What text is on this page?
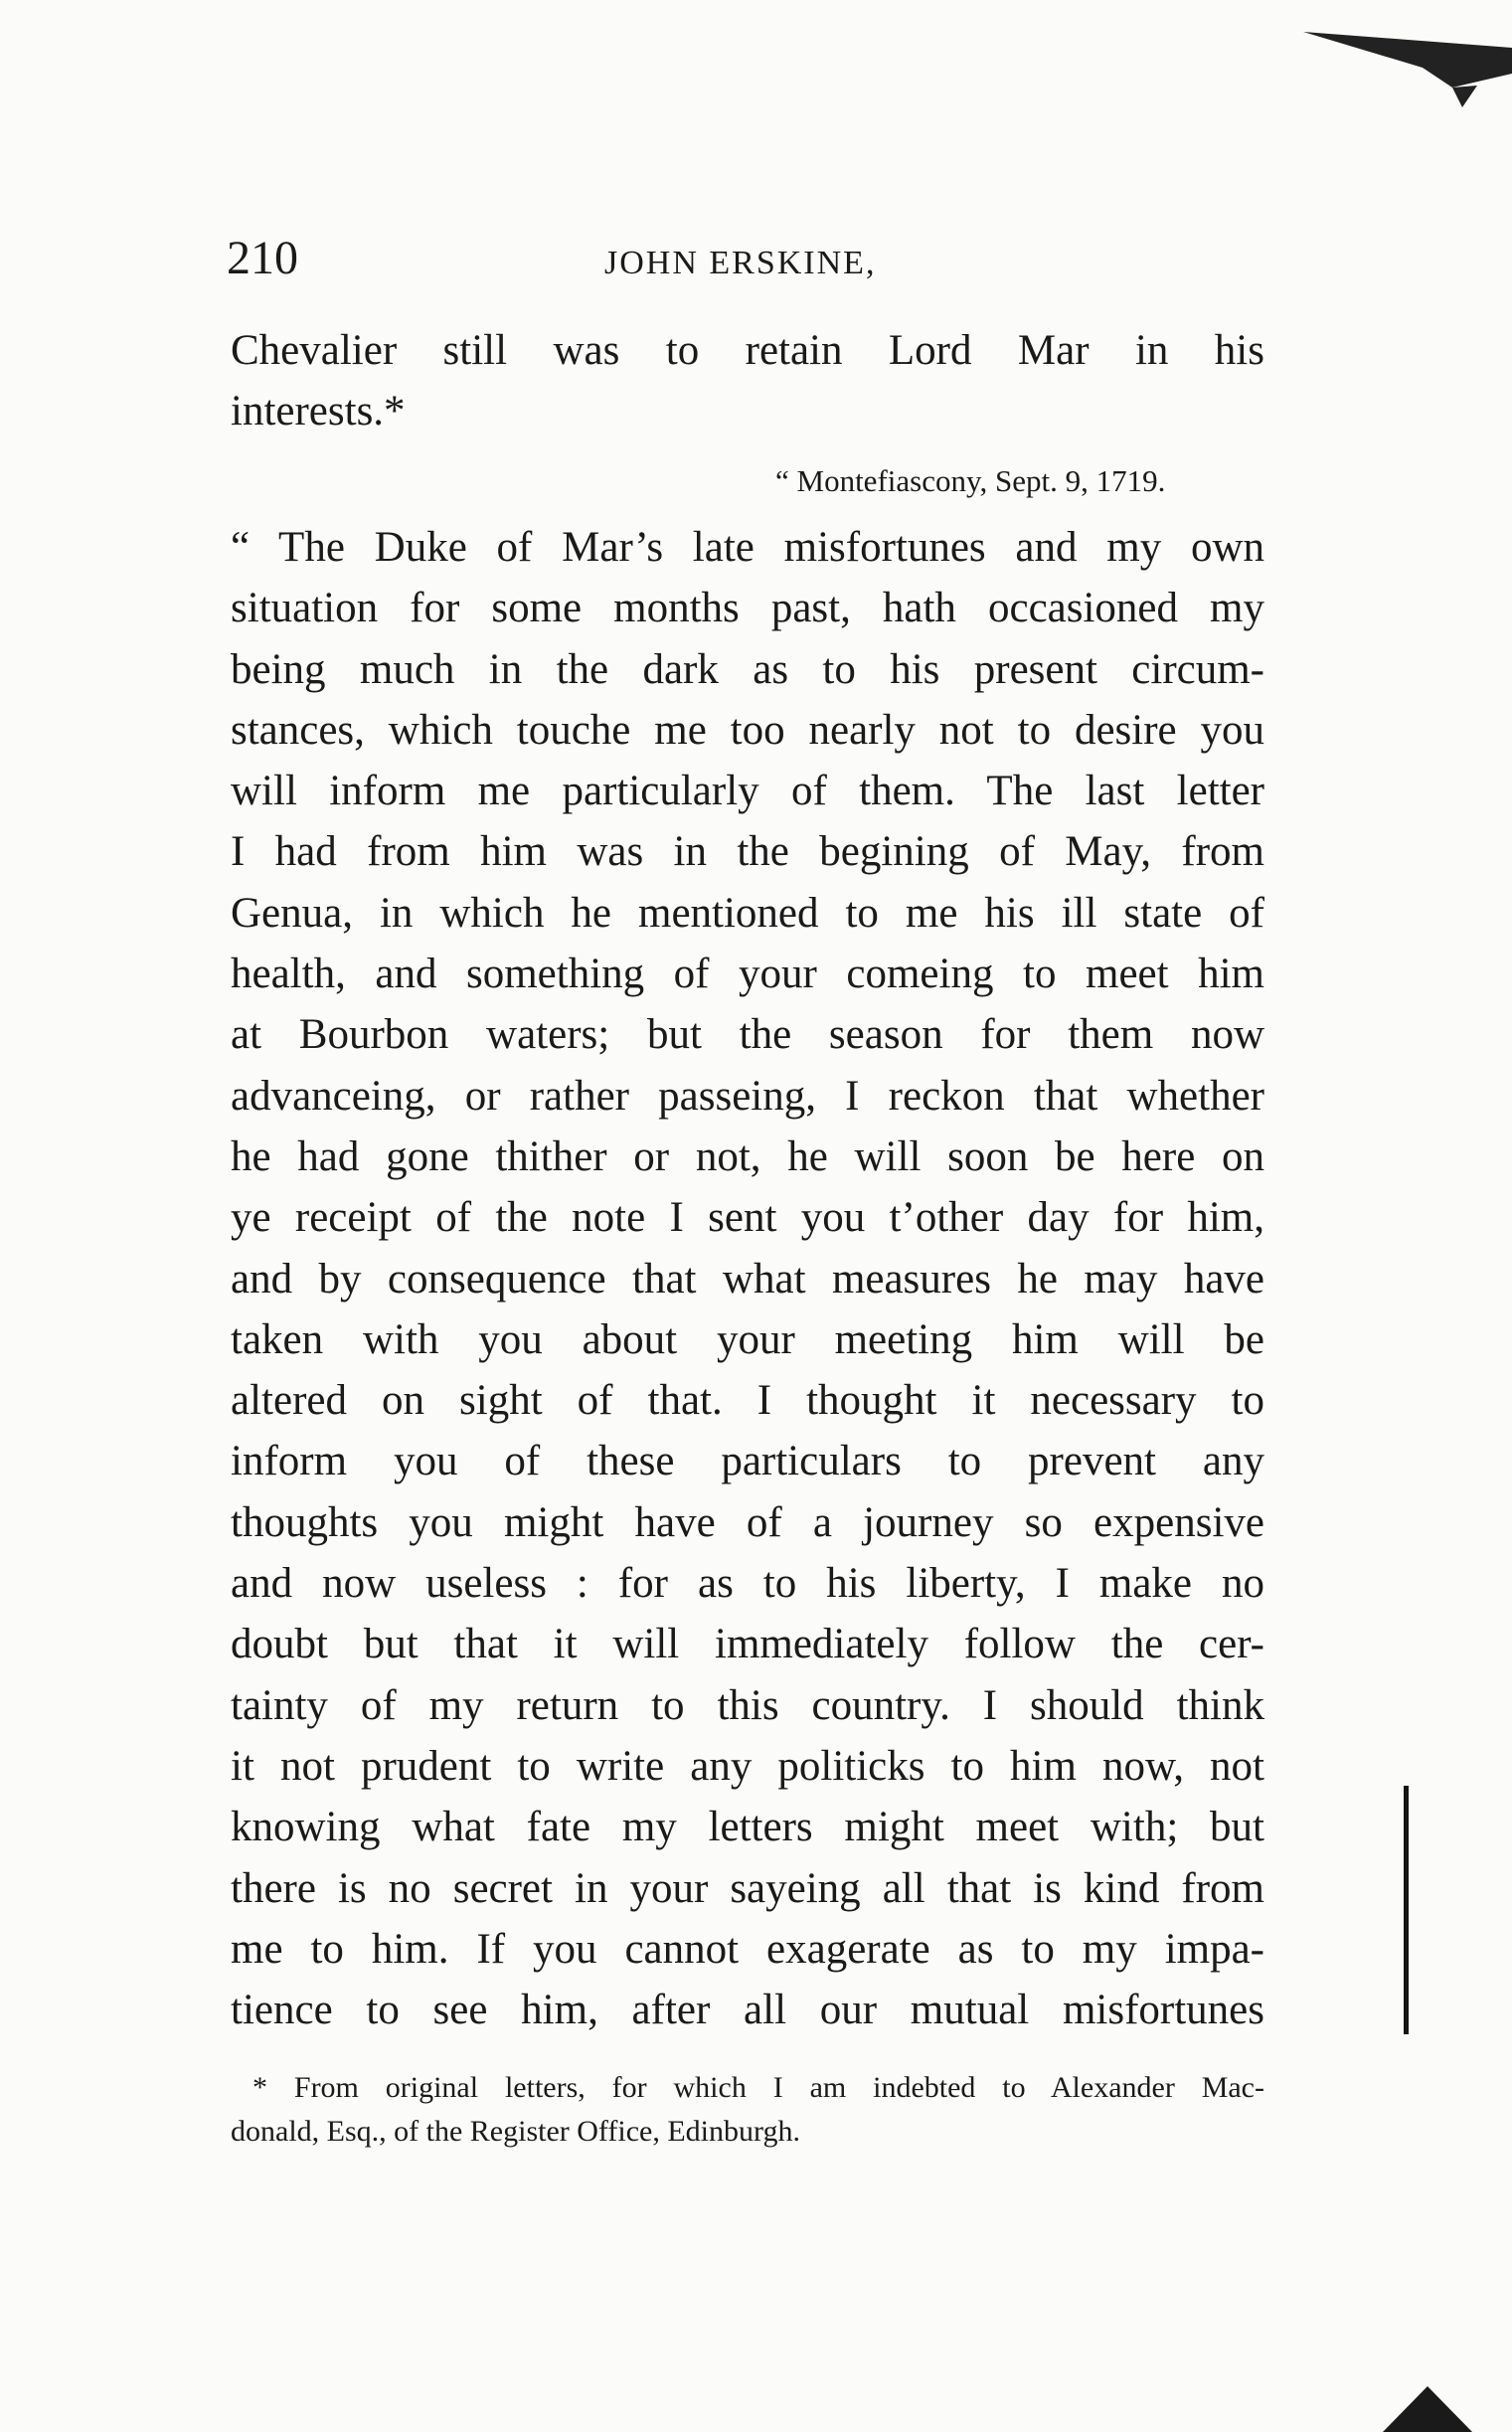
210	JOHN ERSKINE,
Chevalier still was to retain Lord Mar in his
interests.*
“ Montefiascony, Sept. 9, 1719.
“ The Duke of Mar’s late misfortunes and my own
situation for some months past, hath occasioned my
being much in the dark as to his present circum-
stances, which touche me too nearly not to desire you
will inform me particularly of them. The last letter
I had from him was in the begining of May, from
Genua, in which he mentioned to me his ill state of
health, and something of your comeing to meet him
at Bourbon waters; but the season for them now
advanceing, or rather passeing, I reckon that whether
he had gone thither or not, he will soon be here on
ye receipt of the note I sent you t’other day for him,
and by consequence that what measures he may have
taken with you about your meeting him will be
altered on sight of that. I thought it necessary to
inform you of these particulars to prevent any
thoughts you might have of a journey so expensive
and now useless : for as to his liberty, I make no
doubt but that it will immediately follow the cer-
tainty of my return to this country. I should think
it not prudent to write any politicks to him now, not
knowing what fate my letters might meet with; but
there is no secret in your sayeing all that is kind from
me to him. If you cannot exagerate as to my impa-
tience to see him, after all our mutual misfortunes
* From original letters, for which I am indebted to Alexander Mac-
donald, Esq., of the Register Office, Edinburgh.
